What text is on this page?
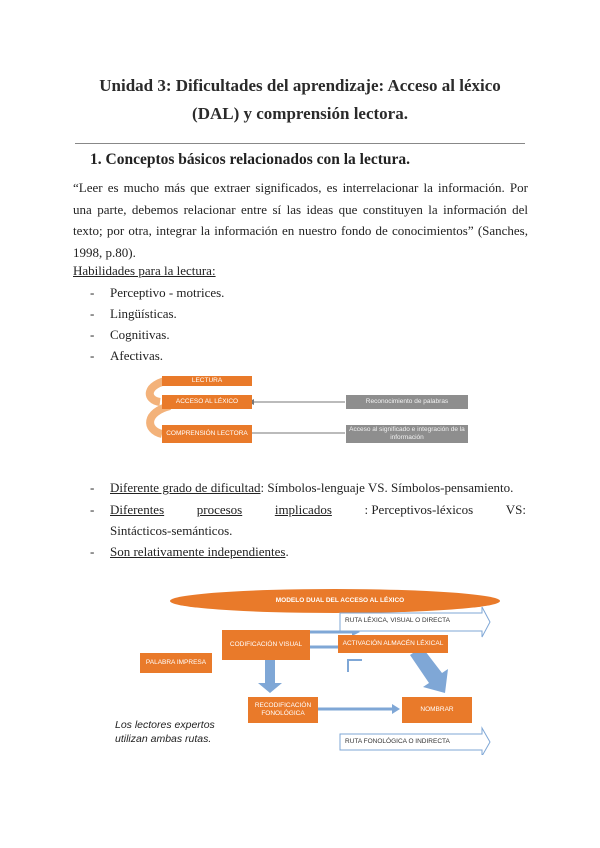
Unidad 3: Dificultades del aprendizaje: Acceso al léxico
(DAL) y comprensión lectora.
1. Conceptos básicos relacionados con la lectura.
“Leer es mucho más que extraer significados, es interrelacionar la información. Por una parte, debemos relacionar entre sí las ideas que constituyen la información del texto; por otra, integrar la información en nuestro fondo de conocimientos” (Sanches, 1998, p.80).
Habilidades para la lectura:
- Perceptivo - motrices.
- Lingüísticas.
- Cognitivas.
- Afectivas.
LECTURA
ACCESO AL LÉXICO
COMPRENSIÓN LECTORA
Reconocimiento de palabras
Acceso al significado e integración de la información
- Diferente grado de dificultad: Símbolos-lenguaje VS. Símbolos-pensamiento.
- Diferentes	procesos	implicados	: Perceptivos-léxicos	VS:
Sintácticos-semánticos.
- Son relativamente independientes.
MODELO DUAL DEL ACCESO AL LÉXICO
RUTA LÉXICA, VISUAL O DIRECTA
PALABRA IMPRESA
CODIFICACIÓN VISUAL	ACTIVACIÓN ALMACÉN LÉXICAL
RECODIFICACIÓN FONOLÓGICA
NOMBRAR
RUTA FONOLÓGICA O INDIRECTA
Los lectores expertos
utilizan ambas rutas.
